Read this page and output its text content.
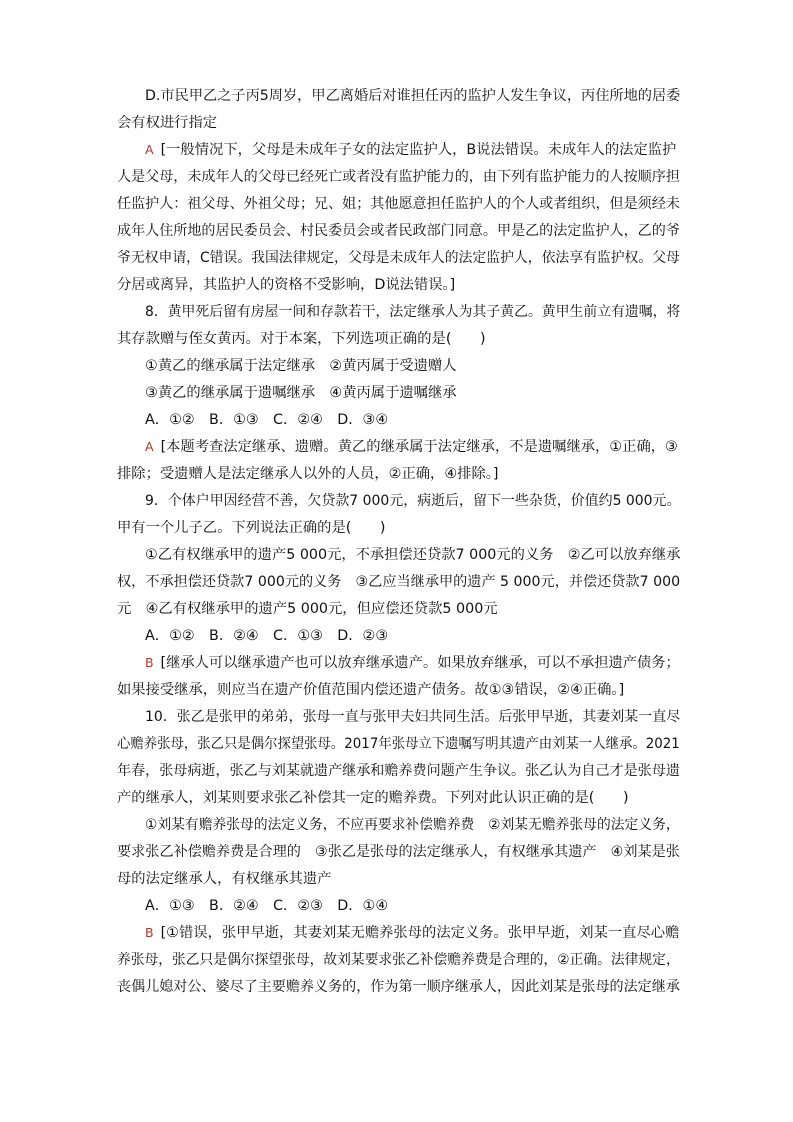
D.市民甲乙之子丙5周岁，甲乙离婚后对谁担任丙的监护人发生争议，丙住所地的居委
会有权进行指定
A [一般情况下，父母是未成年子女的法定监护人，B说法错误。未成年人的法定监护
人是父母，未成年人的父母已经死亡或者没有监护能力的，由下列有监护能力的人按顺序担
任监护人：祖父母、外祖父母；兄、姐；其他愿意担任监护人的个人或者组织，但是须经未
成年人住所地的居民委员会、村民委员会或者民政部门同意。甲是乙的法定监护人，乙的爷
爷无权申请，C错误。我国法律规定，父母是未成年人的法定监护人，依法享有监护权。父母
分居或离异，其监护人的资格不受影响，D说法错误。]
8．黄甲死后留有房屋一间和存款若干，法定继承人为其子黄乙。黄甲生前立有遗嘱，将
其存款赠与侄女黄丙。对于本案，下列选项正确的是(　　)
①黄乙的继承属于法定继承　②黄丙属于受遗赠人
③黄乙的继承属于遗嘱继承　④黄丙属于遗嘱继承
A．①②　B．①③　C．②④　D．③④
A [本题考查法定继承、遗赠。黄乙的继承属于法定继承，不是遗嘱继承，①正确，③
排除；受遗赠人是法定继承人以外的人员，②正确，④排除。]
9．个体户甲因经营不善，欠贷款7 000元，病逝后，留下一些杂货，价值约5 000元。
甲有一个儿子乙。下列说法正确的是(　　)
①乙有权继承甲的遗产5 000元，不承担偿还贷款7 000元的义务　②乙可以放弃继承
权，不承担偿还贷款7 000元的义务　③乙应当继承甲的遗产 5 000元，并偿还贷款7 000
元　④乙有权继承甲的遗产5 000元，但应偿还贷款5 000元
A．①②　B．②④　C．①③　D．②③
B [继承人可以继承遗产也可以放弃继承遗产。如果放弃继承，可以不承担遗产债务；
如果接受继承，则应当在遗产价值范围内偿还遗产债务。故①③错误，②④正确。]
10．张乙是张甲的弟弟，张母一直与张甲夫妇共同生活。后张甲早逝，其妻刘某一直尽
心赡养张母，张乙只是偶尔探望张母。2017年张母立下遗嘱写明其遗产由刘某一人继承。2021
年春，张母病逝，张乙与刘某就遗产继承和赡养费问题产生争议。张乙认为自己才是张母遗
产的继承人，刘某则要求张乙补偿其一定的赡养费。下列对此认识正确的是(　　)
①刘某有赡养张母的法定义务，不应再要求补偿赡养费　②刘某无赡养张母的法定义务，
要求张乙补偿赡养费是合理的　③张乙是张母的法定继承人，有权继承其遗产　④刘某是张
母的法定继承人，有权继承其遗产
A．①③　B．②④　C．②③　D．①④
B [①错误，张甲早逝，其妻刘某无赡养张母的法定义务。张甲早逝，刘某一直尽心赡
养张母，张乙只是偶尔探望张母，故刘某要求张乙补偿赡养费是合理的，②正确。法律规定，
丧偶儿媳对公、婆尽了主要赡养义务的，作为第一顺序继承人，因此刘某是张母的法定继承
